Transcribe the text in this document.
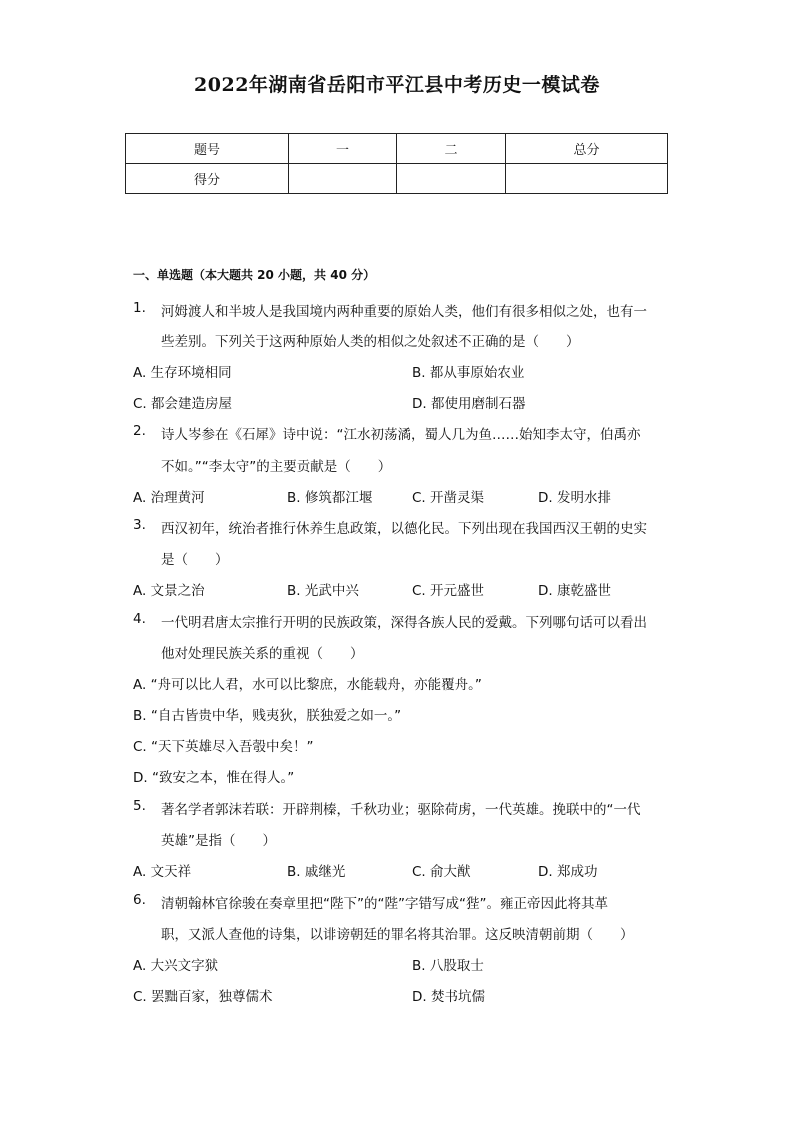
2022年湖南省岳阳市平江县中考历史一模试卷
题号	一	二	总分
得分			
一、单选题（本大题共 20 小题，共 40 分）
1. 河姆渡人和半坡人是我国境内两种重要的原始人类，他们有很多相似之处，也有一
些差别。下列关于这两种原始人类的相似之处叙述不正确的是（　　）
A. 生存环境相同	B. 都从事原始农业
C. 都会建造房屋	D. 都使用磨制石器
2. 诗人岑参在《石犀》诗中说：“江水初荡潏，蜀人几为鱼……始知李太守，伯禹亦
不如。”“李太守”的主要贡献是（　　）
A. 治理黄河	B. 修筑都江堰	C. 开凿灵渠	D. 发明水排
3. 西汉初年，统治者推行休养生息政策，以德化民。下列出现在我国西汉王朝的史实
是（　　）
A. 文景之治	B. 光武中兴	C. 开元盛世	D. 康乾盛世
4. 一代明君唐太宗推行开明的民族政策，深得各族人民的爱戴。下列哪句话可以看出
他对处理民族关系的重视（　　）
A. “舟可以比人君，水可以比黎庶，水能载舟，亦能覆舟。”
B. “自古皆贵中华，贱夷狄，朕独爱之如一。”
C. “天下英雄尽入吾彀中矣！”
D. “致安之本，惟在得人。”
5. 著名学者郭沫若联：开辟荆榛，千秋功业；驱除荷虏，一代英雄。挽联中的“一代
英雄”是指（　　）
A. 文天祥	B. 戚继光	C. 俞大猷	D. 郑成功
6. 清朝翰林官徐骏在奏章里把“陛下”的“陛”字错写成“狴”。雍正帝因此将其革
职，又派人查他的诗集，以诽谤朝廷的罪名将其治罪。这反映清朝前期（　　）
A. 大兴文字狱	B. 八股取士
C. 罢黜百家，独尊儒术	D. 焚书坑儒
